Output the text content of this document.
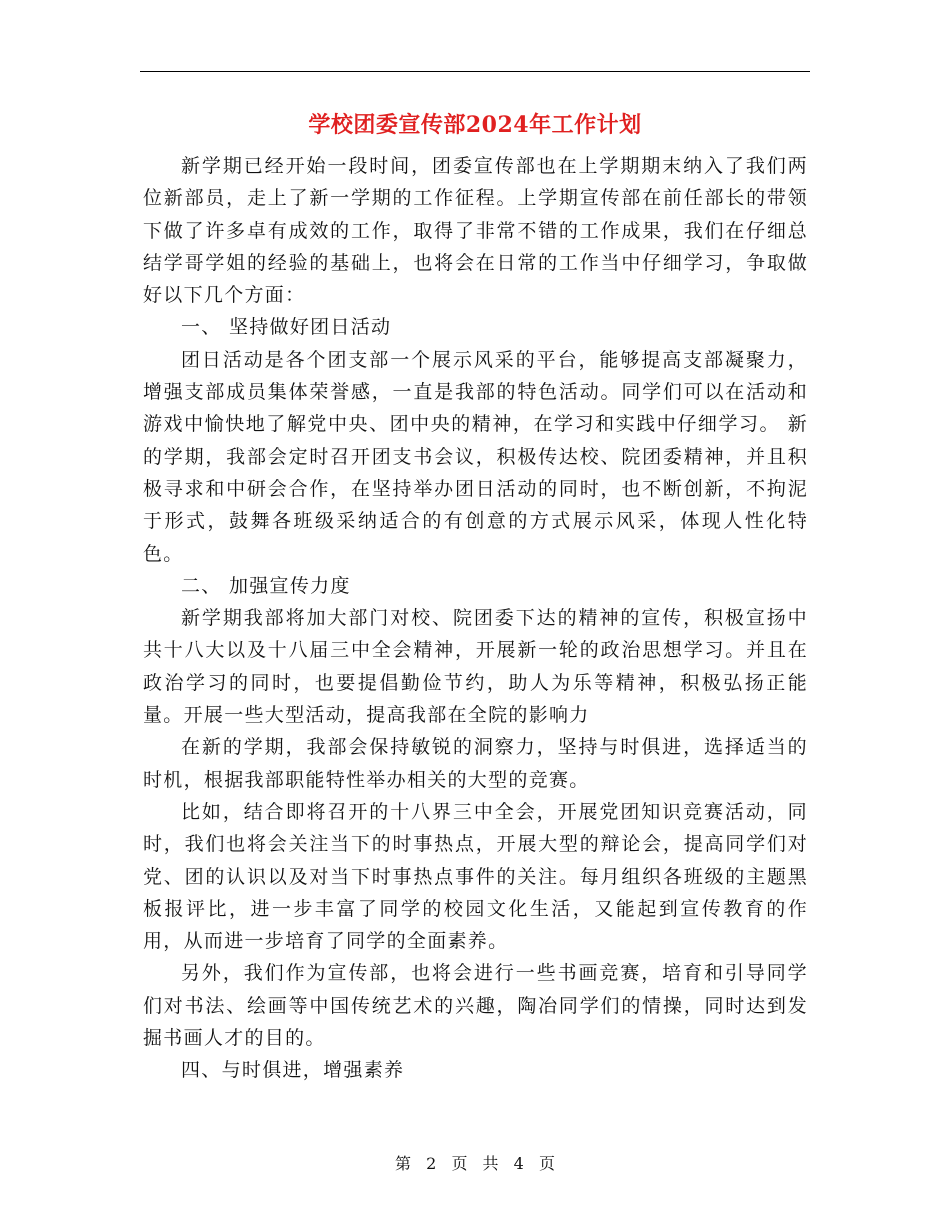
学校团委宣传部2024年工作计划

新学期已经开始一段时间，团委宣传部也在上学期期末纳入了我们两位新部员，走上了新一学期的工作征程。上学期宣传部在前任部长的带领下做了许多卓有成效的工作，取得了非常不错的工作成果，我们在仔细总结学哥学姐的经验的基础上，也将会在日常的工作当中仔细学习，争取做好以下几个方面：

一、 坚持做好团日活动

团日活动是各个团支部一个展示风采的平台，能够提高支部凝聚力，增强支部成员集体荣誉感，一直是我部的特色活动。同学们可以在活动和游戏中愉快地了解党中央、团中央的精神，在学习和实践中仔细学习。 新的学期，我部会定时召开团支书会议，积极传达校、院团委精神，并且积极寻求和中研会合作，在坚持举办团日活动的同时，也不断创新，不拘泥于形式，鼓舞各班级采纳适合的有创意的方式展示风采，体现人性化特色。

二、 加强宣传力度

新学期我部将加大部门对校、院团委下达的精神的宣传，积极宣扬中共十八大以及十八届三中全会精神，开展新一轮的政治思想学习。并且在政治学习的同时，也要提倡勤俭节约，助人为乐等精神，积极弘扬正能量。开展一些大型活动，提高我部在全院的影响力

在新的学期，我部会保持敏锐的洞察力，坚持与时俱进，选择适当的时机，根据我部职能特性举办相关的大型的竞赛。

比如，结合即将召开的十八界三中全会，开展党团知识竞赛活动，同时，我们也将会关注当下的时事热点，开展大型的辩论会，提高同学们对党、团的认识以及对当下时事热点事件的关注。每月组织各班级的主题黑板报评比，进一步丰富了同学的校园文化生活，又能起到宣传教育的作用，从而进一步培育了同学的全面素养。

另外，我们作为宣传部，也将会进行一些书画竞赛，培育和引导同学们对书法、绘画等中国传统艺术的兴趣，陶冶同学们的情操，同时达到发掘书画人才的目的。

四、与时俱进，增强素养

第 2 页 共 4 页
